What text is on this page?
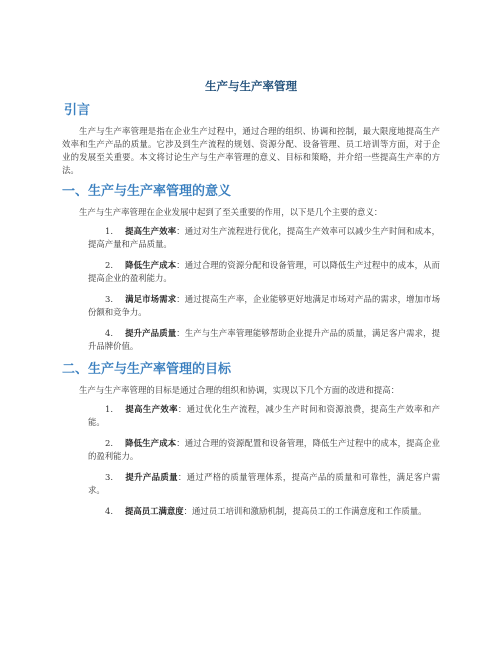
生产与生产率管理
引言

生产与生产率管理是指在企业生产过程中，通过合理的组织、协调和控制，最大限度地提高生产效率和生产产品的质量。它涉及到生产流程的规划、资源分配、设备管理、员工培训等方面，对于企业的发展至关重要。本文将讨论生产与生产率管理的意义、目标和策略，并介绍一些提高生产率的方法。

一、生产与生产率管理的意义

生产与生产率管理在企业发展中起到了至关重要的作用，以下是几个主要的意义：

1. 提高生产效率：通过对生产流程进行优化，提高生产效率可以减少生产时间和成本，提高产量和产品质量。
2. 降低生产成本：通过合理的资源分配和设备管理，可以降低生产过程中的成本，从而提高企业的盈利能力。
3. 满足市场需求：通过提高生产率，企业能够更好地满足市场对产品的需求，增加市场份额和竞争力。
4. 提升产品质量：生产与生产率管理能够帮助企业提升产品的质量，满足客户需求，提升品牌价值。
二、生产与生产率管理的目标

生产与生产率管理的目标是通过合理的组织和协调，实现以下几个方面的改进和提高：

1. 提高生产效率：通过优化生产流程，减少生产时间和资源浪费，提高生产效率和产能。
2. 降低生产成本：通过合理的资源配置和设备管理，降低生产过程中的成本，提高企业的盈利能力。
3. 提升产品质量：通过严格的质量管理体系，提高产品的质量和可靠性，满足客户需求。
4. 提高员工满意度：通过员工培训和激励机制，提高员工的工作满意度和工作质量。
